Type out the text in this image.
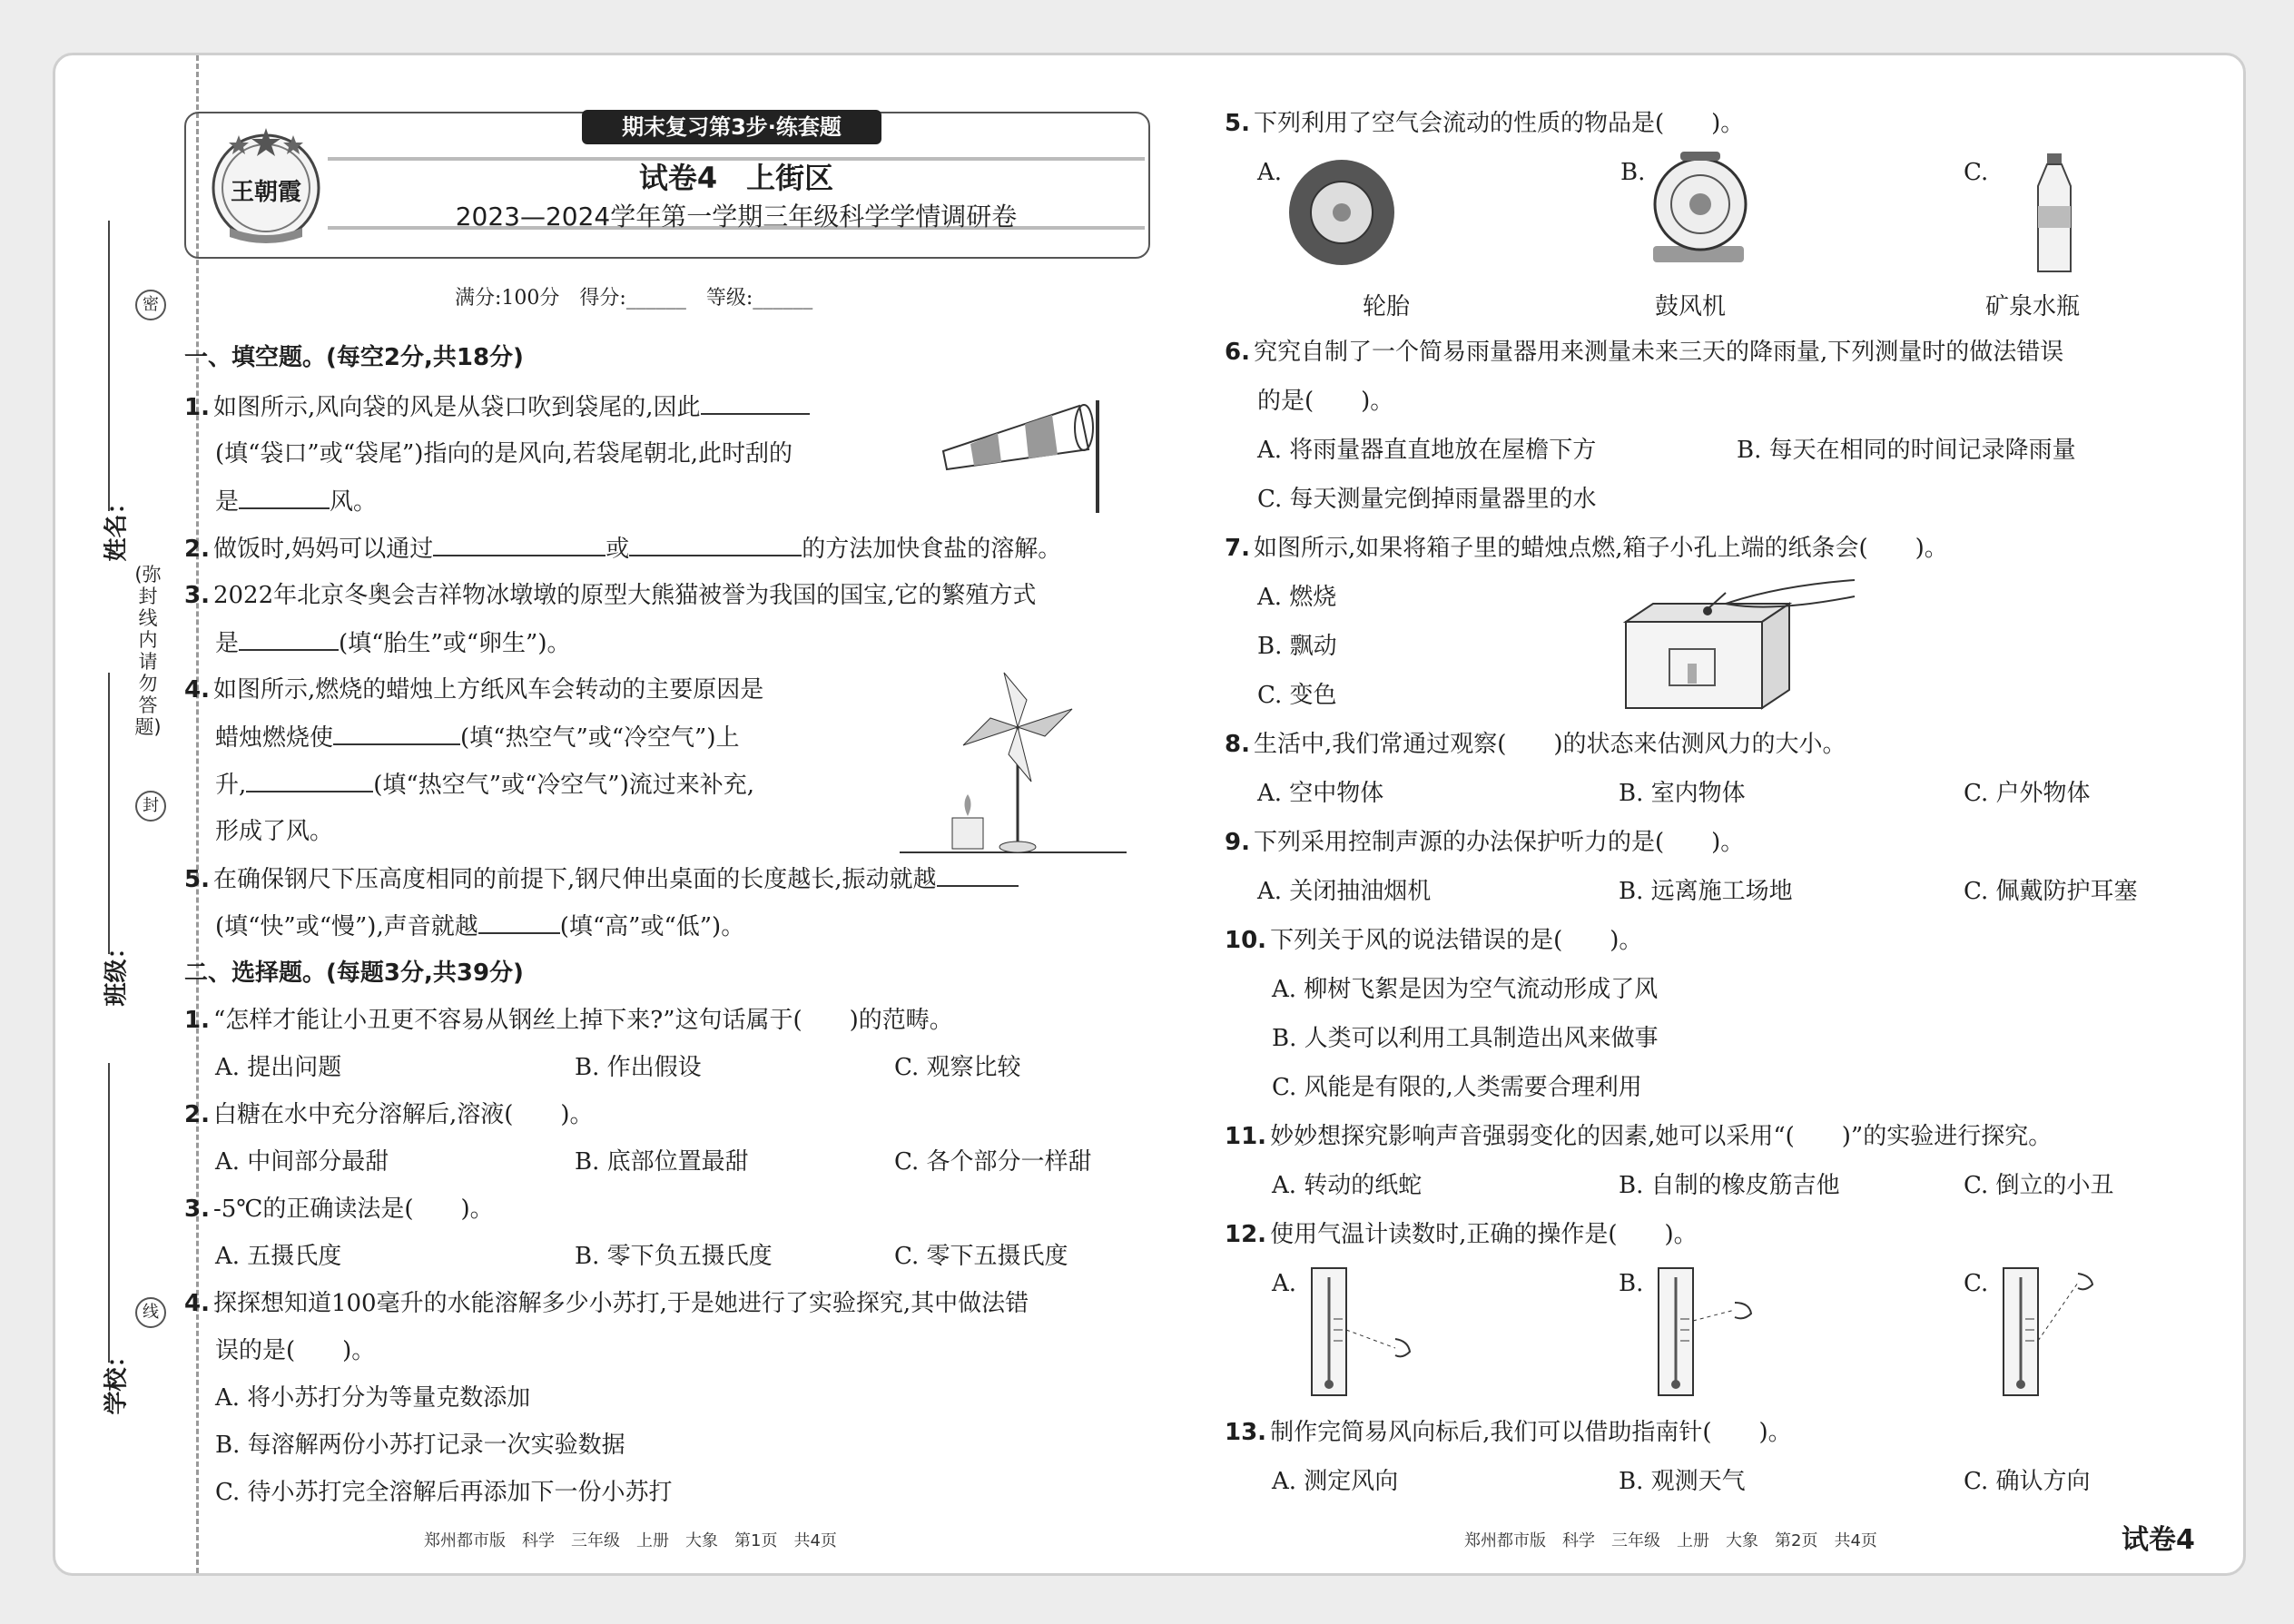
密
封
线
(弥封线内请勿答题)
姓名：
班级：
学校：
期末复习第3步·练套题
王朝霞	试卷4　上街区
2023—2024学年第一学期三年级科学学情调研卷
满分:100分　得分:______　等级:______
一、填空题。(每空2分,共18分)
1. 如图所示,风向袋的风是从袋口吹到袋尾的,因此
(填“袋口”或“袋尾”)指向的是风向,若袋尾朝北,此时刮的
是	风。
2. 做饭时,妈妈可以通过	或	的方法加快食盐的溶解。
3. 2022年北京冬奥会吉祥物冰墩墩的原型大熊猫被誉为我国的国宝,它的繁殖方式
是	(填“胎生”或“卵生”)。
4. 如图所示,燃烧的蜡烛上方纸风车会转动的主要原因是
蜡烛燃烧使	(填“热空气”或“冷空气”)上
升,	(填“热空气”或“冷空气”)流过来补充,
形成了风。
5. 在确保钢尺下压高度相同的前提下,钢尺伸出桌面的长度越长,振动就越
(填“快”或“慢”),声音就越	(填“高”或“低”)。
二、选择题。(每题3分,共39分)
1. “怎样才能让小丑更不容易从钢丝上掉下来?”这句话属于(　　)的范畴。
A. 提出问题	B. 作出假设	C. 观察比较
2. 白糖在水中充分溶解后,溶液(　　)。
A. 中间部分最甜	B. 底部位置最甜	C. 各个部分一样甜
3. -5℃的正确读法是(　　)。
A. 五摄氏度	B. 零下负五摄氏度	C. 零下五摄氏度
4. 探探想知道100毫升的水能溶解多少小苏打,于是她进行了实验探究,其中做法错
误的是(　　)。
A. 将小苏打分为等量克数添加
B. 每溶解两份小苏打记录一次实验数据
C. 待小苏打完全溶解后再添加下一份小苏打
郑州都市版　科学　三年级　上册　大象　第1页　共4页
5. 下列利用了空气会流动的性质的物品是(　　)。
A.	B.	C.
轮胎	鼓风机	矿泉水瓶
6. 究究自制了一个简易雨量器用来测量未来三天的降雨量,下列测量时的做法错误
的是(　　)。
A. 将雨量器直直地放在屋檐下方	B. 每天在相同的时间记录降雨量
C. 每天测量完倒掉雨量器里的水
7. 如图所示,如果将箱子里的蜡烛点燃,箱子小孔上端的纸条会(　　)。
A. 燃烧
B. 飘动
C. 变色
8. 生活中,我们常通过观察(　　)的状态来估测风力的大小。
A. 空中物体	B. 室内物体	C. 户外物体
9. 下列采用控制声源的办法保护听力的是(　　)。
A. 关闭抽油烟机	B. 远离施工场地	C. 佩戴防护耳塞
10. 下列关于风的说法错误的是(　　)。
A. 柳树飞絮是因为空气流动形成了风
B. 人类可以利用工具制造出风来做事
C. 风能是有限的,人类需要合理利用
11. 妙妙想探究影响声音强弱变化的因素,她可以采用“(　　)”的实验进行探究。
A. 转动的纸蛇	B. 自制的橡皮筋吉他	C. 倒立的小丑
12. 使用气温计读数时,正确的操作是(　　)。
A.	B.	C.
13. 制作完简易风向标后,我们可以借助指南针(　　)。
A. 测定风向	B. 观测天气	C. 确认方向
郑州都市版　科学　三年级　上册　大象　第2页　共4页	试卷4
